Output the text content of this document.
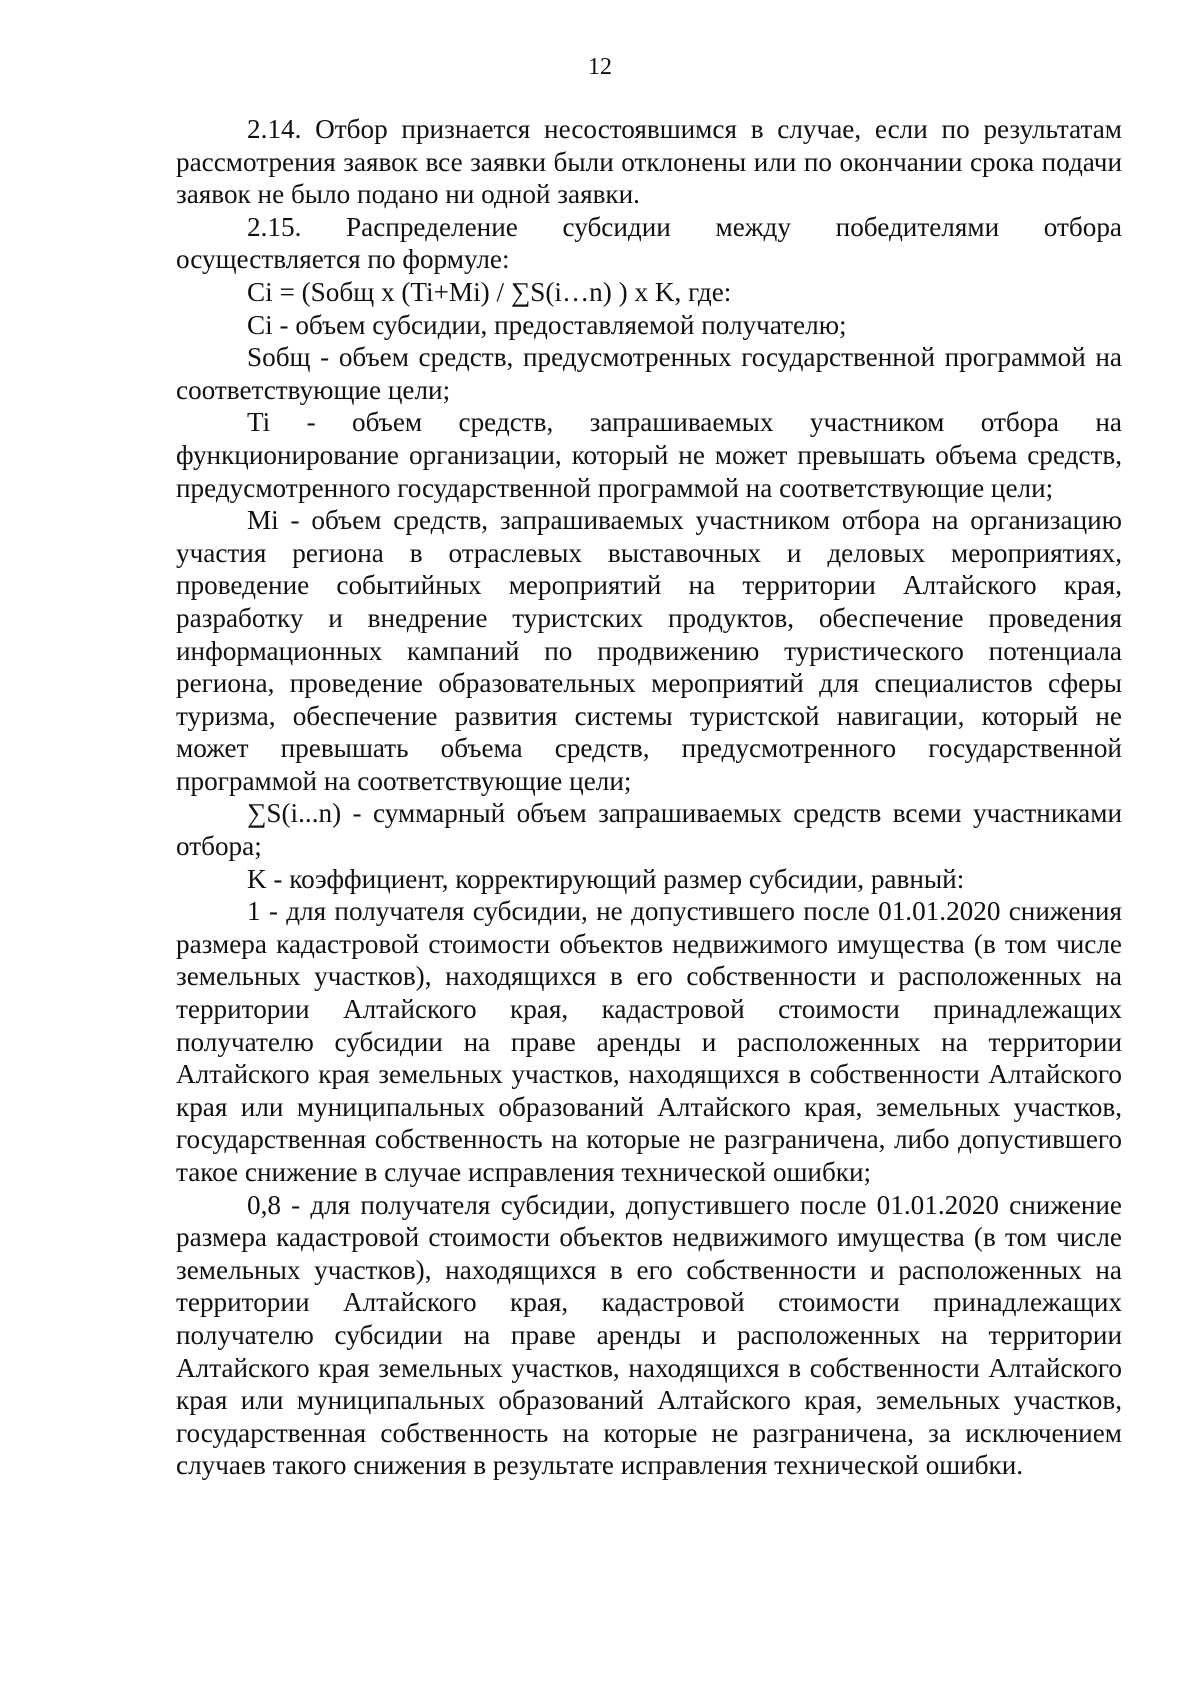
12

2.14. Отбор признается несостоявшимся в случае, если по результатам рассмотрения заявок все заявки были отклонены или по окончании срока подачи заявок не было подано ни одной заявки.

2.15. Распределение субсидии между победителями отбора осуществляется по формуле:

Ci = (Sобщ x (Ti+Mi) / ∑S(i…n) ) x K, где:

Ci - объем субсидии, предоставляемой получателю;

Sобщ - объем средств, предусмотренных государственной программой на соответствующие цели;

Ti - объем средств, запрашиваемых участником отбора на функционирование организации, который не может превышать объема средств, предусмотренного государственной программой на соответствующие цели;

Mi - объем средств, запрашиваемых участником отбора на организацию участия региона в отраслевых выставочных и деловых мероприятиях, проведение событийных мероприятий на территории Алтайского края, разработку и внедрение туристских продуктов, обеспечение проведения информационных кампаний по продвижению туристического потенциала региона, проведение образовательных мероприятий для специалистов сферы туризма, обеспечение развития системы туристской навигации, который не может превышать объема средств, предусмотренного государственной программой на соответствующие цели;

∑S(i...n) - суммарный объем запрашиваемых средств всеми участниками отбора;

K - коэффициент, корректирующий размер субсидии, равный:

1 - для получателя субсидии, не допустившего после 01.01.2020 снижения размера кадастровой стоимости объектов недвижимого имущества (в том числе земельных участков), находящихся в его собственности и расположенных на территории Алтайского края, кадастровой стоимости принадлежащих получателю субсидии на праве аренды и расположенных на территории Алтайского края земельных участков, находящихся в собственности Алтайского края или муниципальных образований Алтайского края, земельных участков, государственная собственность на которые не разграничена, либо допустившего такое снижение в случае исправления технической ошибки;

0,8 - для получателя субсидии, допустившего после 01.01.2020 снижение размера кадастровой стоимости объектов недвижимого имущества (в том числе земельных участков), находящихся в его собственности и расположенных на территории Алтайского края, кадастровой стоимости принадлежащих получателю субсидии на праве аренды и расположенных на территории Алтайского края земельных участков, находящихся в собственности Алтайского края или муниципальных образований Алтайского края, земельных участков, государственная собственность на которые не разграничена, за исключением случаев такого снижения в результате исправления технической ошибки.
